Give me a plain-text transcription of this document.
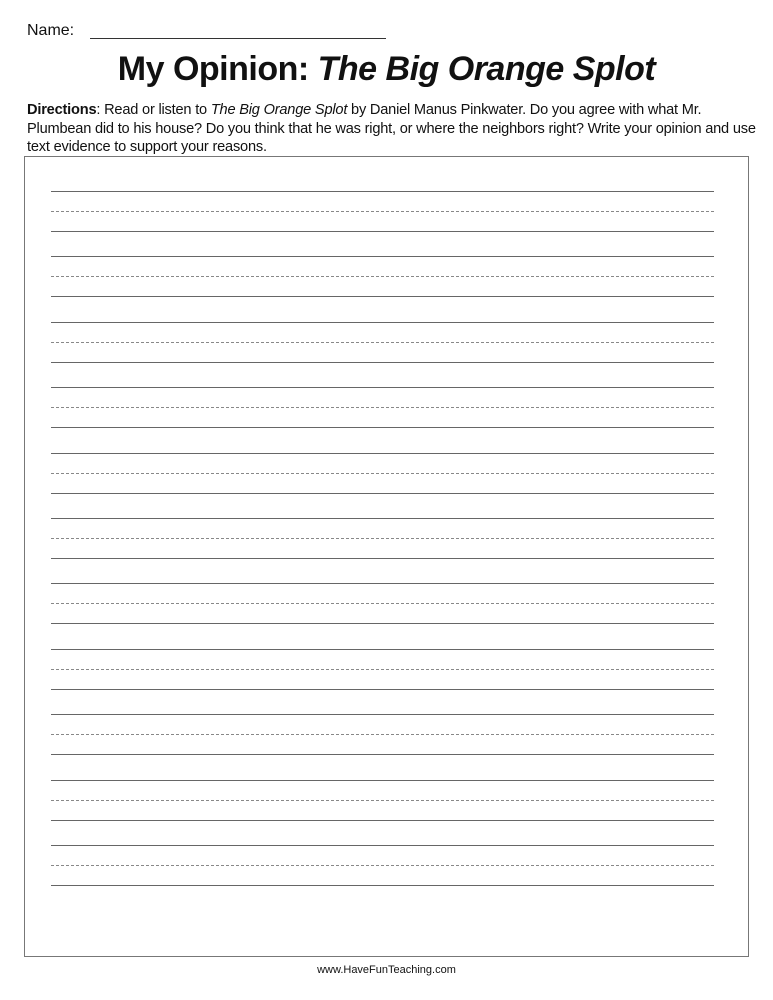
Name:
My Opinion: The Big Orange Splot
Directions: Read or listen to The Big Orange Splot by Daniel Manus Pinkwater. Do you agree with what Mr. Plumbean did to his house? Do you think that he was right, or where the neighbors right? Write your opinion and use text evidence to support your reasons.
www.HaveFunTeaching.com
